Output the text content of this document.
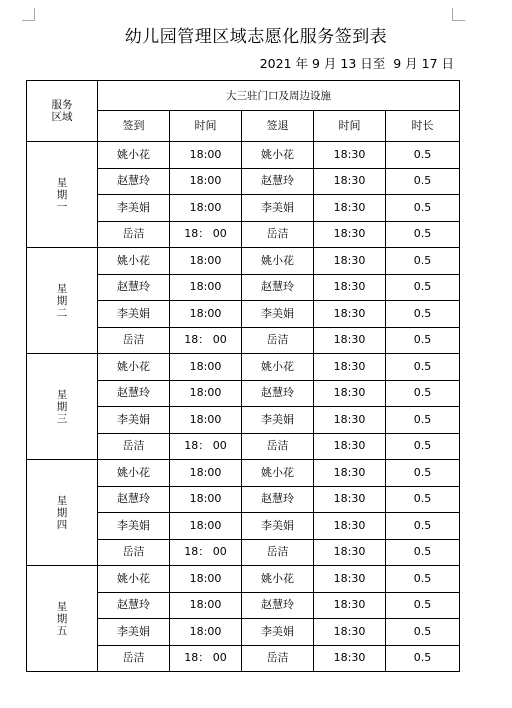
幼儿园管理区域志愿化服务签到表
2021 年 9 月 13 日至  9 月 17 日
服务
区域	大三驻门口及周边设施				
	签到	时间	签退	时间	时长

星
期
一	姚小花	18:00	姚小花	18:30	0.5
	赵慧玲	18:00	赵慧玲	18:30	0.5
	李美娟	18:00	李美娟	18:30	0.5
	岳洁	18： 00	岳洁	18:30	0.5

星
期
二	姚小花	18:00	姚小花	18:30	0.5
	赵慧玲	18:00	赵慧玲	18:30	0.5
	李美娟	18:00	李美娟	18:30	0.5
	岳洁	18： 00	岳洁	18:30	0.5

星
期
三	姚小花	18:00	姚小花	18:30	0.5
	赵慧玲	18:00	赵慧玲	18:30	0.5
	李美娟	18:00	李美娟	18:30	0.5
	岳洁	18： 00	岳洁	18:30	0.5

星
期
四	姚小花	18:00	姚小花	18:30	0.5
	赵慧玲	18:00	赵慧玲	18:30	0.5
	李美娟	18:00	李美娟	18:30	0.5
	岳洁	18： 00	岳洁	18:30	0.5

星
期
五	姚小花	18:00	姚小花	18:30	0.5
	赵慧玲	18:00	赵慧玲	18:30	0.5
	李美娟	18:00	李美娟	18:30	0.5
	岳洁	18： 00	岳洁	18:30	0.5
